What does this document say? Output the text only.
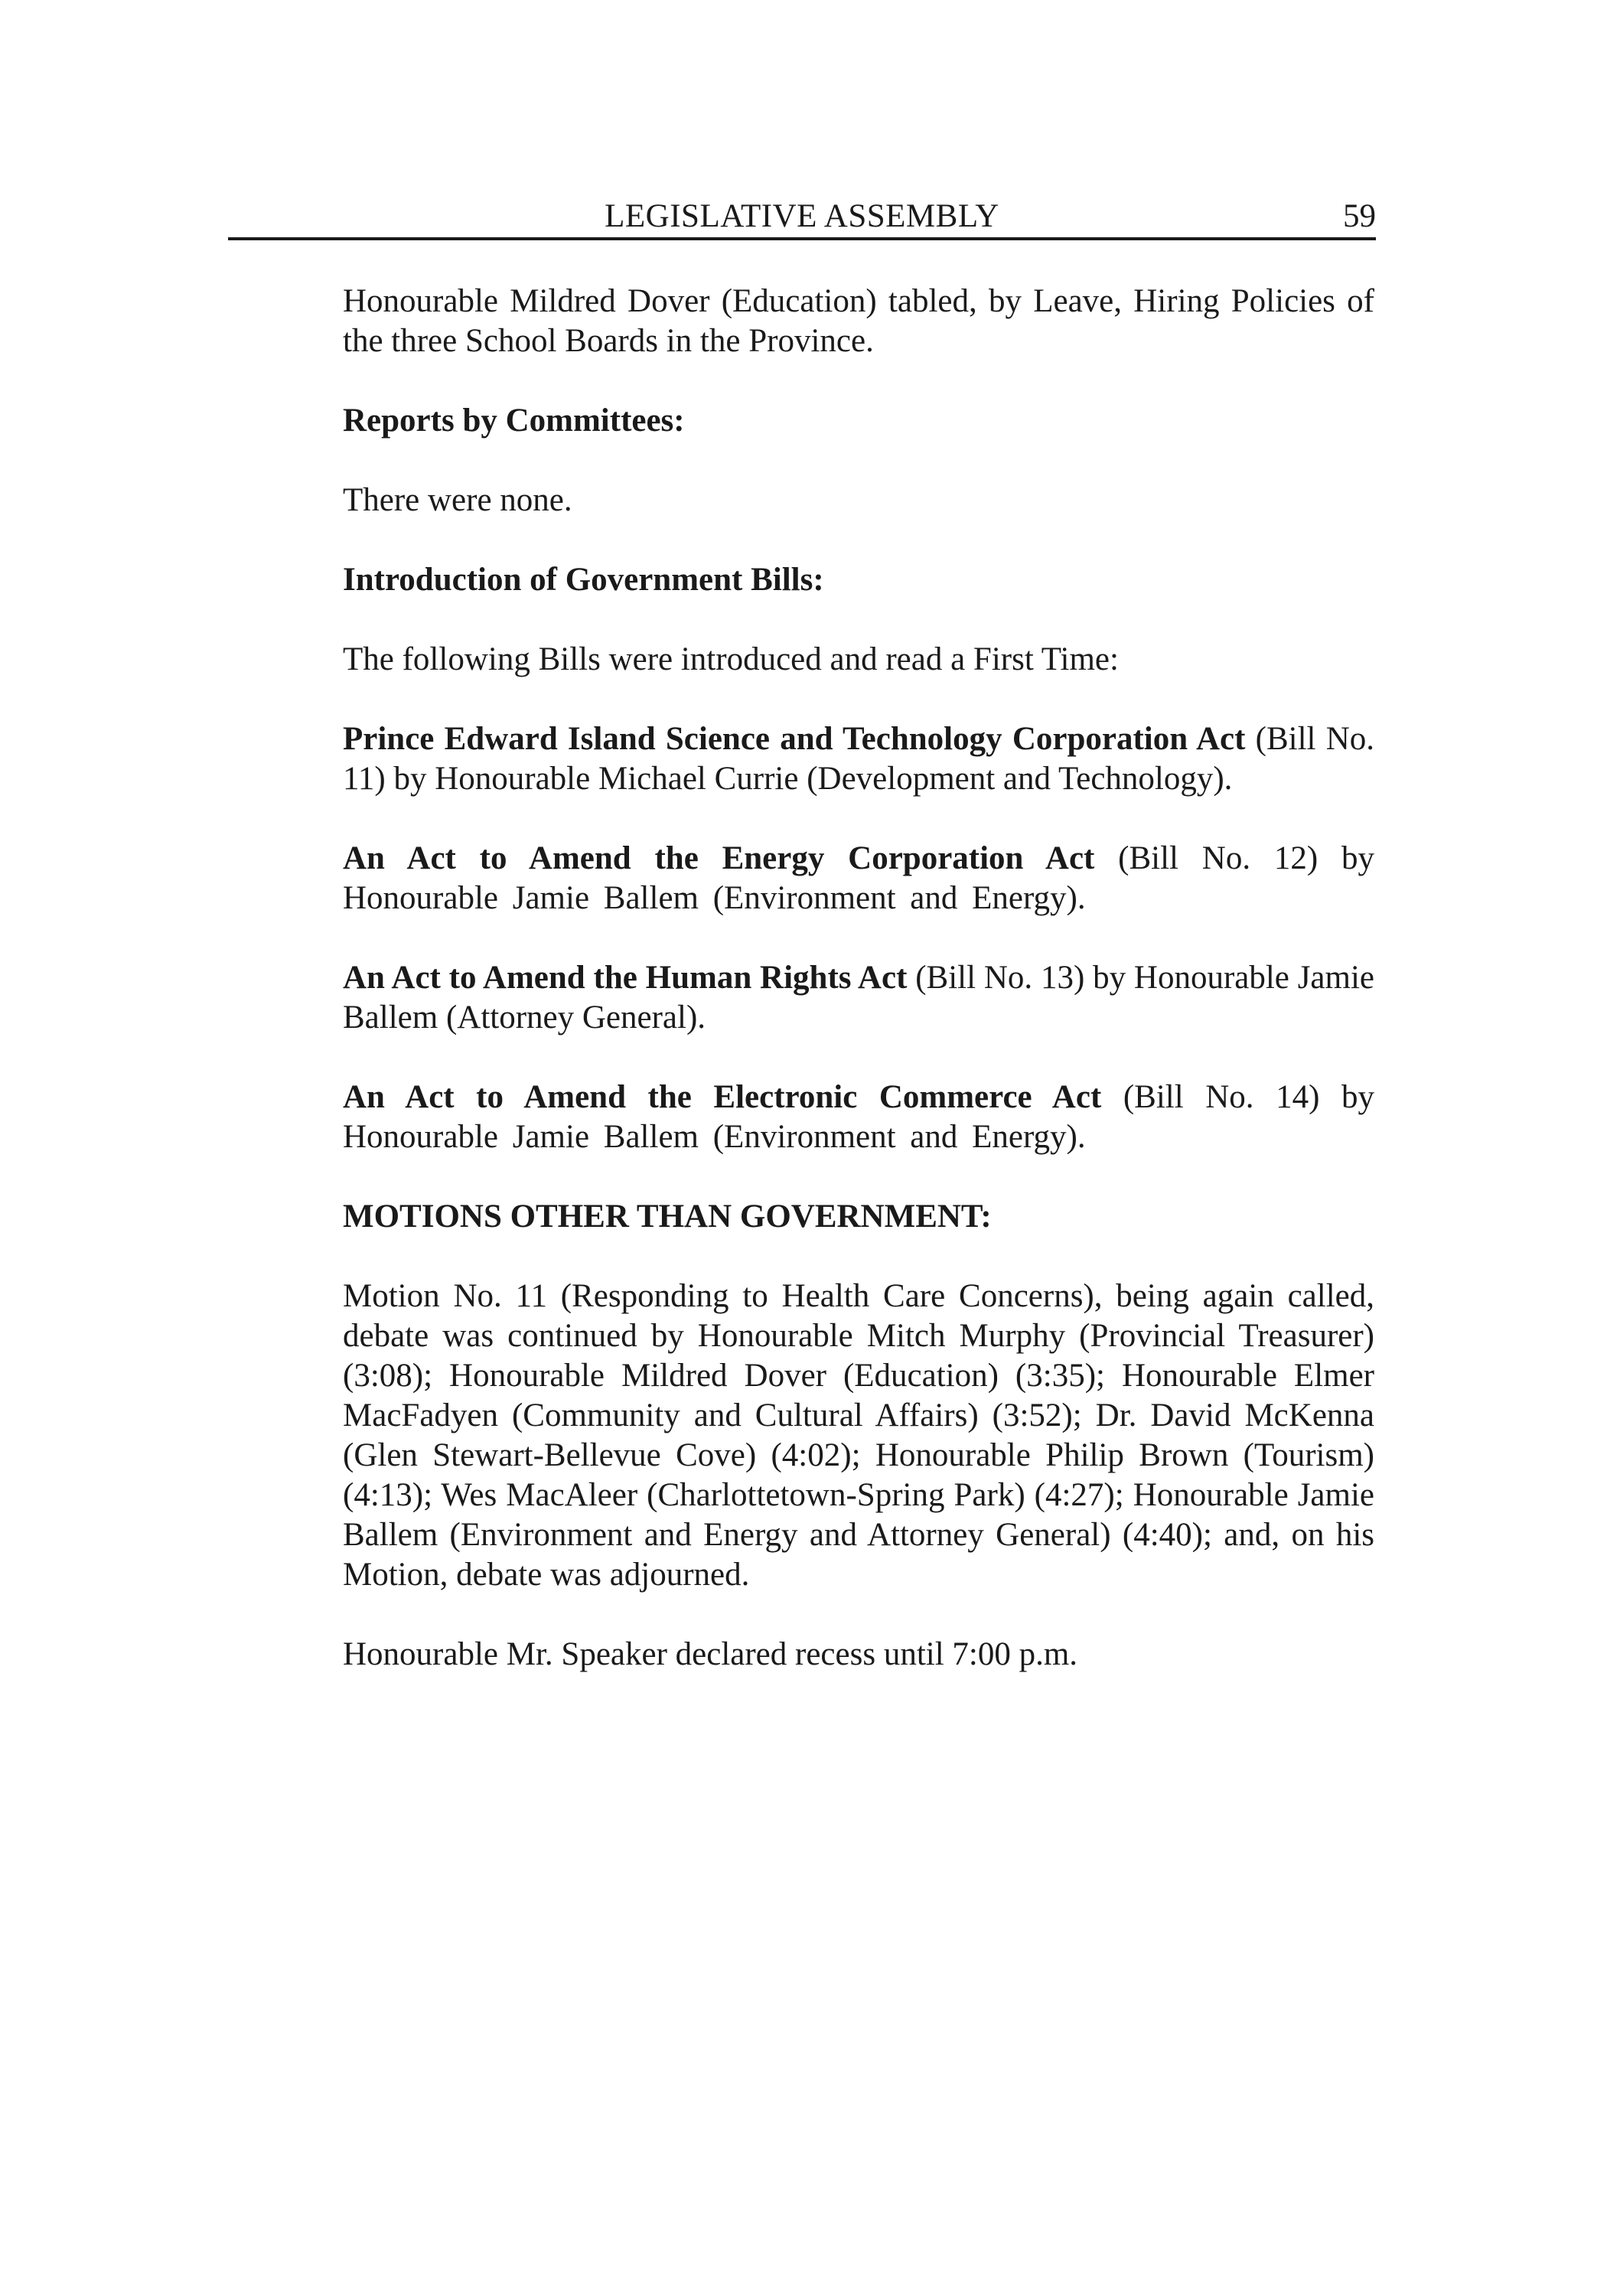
LEGISLATIVE ASSEMBLY	59

Honourable Mildred Dover (Education) tabled, by Leave, Hiring Policies of the three School Boards in the Province.

Reports by Committees:

There were none.

Introduction of Government Bills:

The following Bills were introduced and read a First Time:

Prince Edward Island Science and Technology Corporation Act (Bill No. 11) by Honourable Michael Currie (Development and Technology).

An Act to Amend the Energy Corporation Act (Bill No. 12) by Honourable Jamie Ballem (Environment and Energy).

An Act to Amend the Human Rights Act (Bill No. 13) by Honourable Jamie Ballem (Attorney General).

An Act to Amend the Electronic Commerce Act (Bill No. 14) by Honourable Jamie Ballem (Environment and Energy).

MOTIONS OTHER THAN GOVERNMENT:

Motion No. 11 (Responding to Health Care Concerns), being again called, debate was continued by Honourable Mitch Murphy (Provincial Treasurer) (3:08); Honourable Mildred Dover (Education) (3:35); Honourable Elmer MacFadyen (Community and Cultural Affairs) (3:52); Dr. David McKenna (Glen Stewart-Bellevue Cove) (4:02); Honourable Philip Brown (Tourism) (4:13); Wes MacAleer (Charlottetown-Spring Park) (4:27); Honourable Jamie Ballem (Environment and Energy and Attorney General) (4:40); and, on his Motion, debate was adjourned.

Honourable Mr. Speaker declared recess until 7:00 p.m.
